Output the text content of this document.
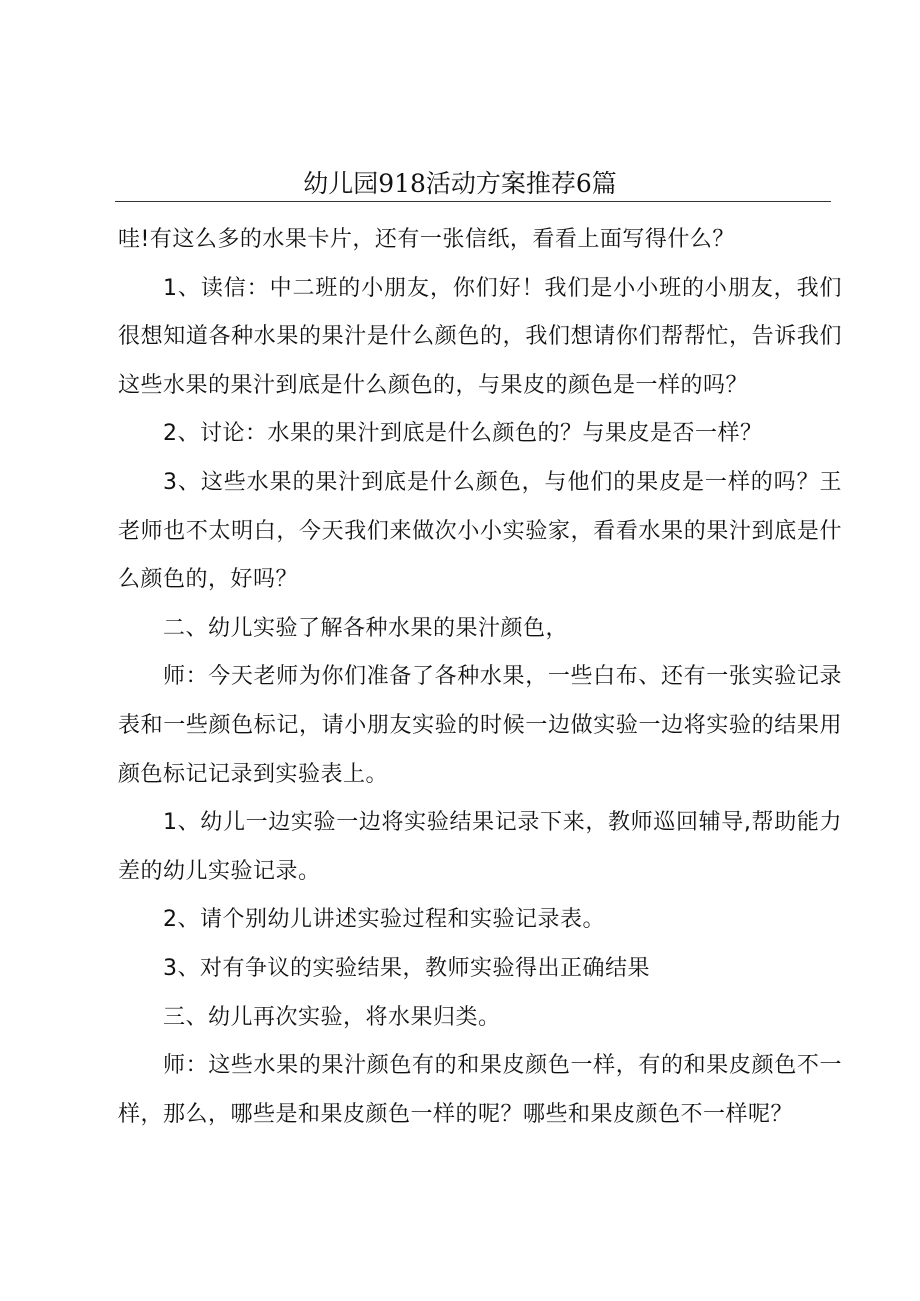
幼儿园918活动方案推荐6篇

哇!有这么多的水果卡片，还有一张信纸，看看上面写得什么？

1、读信：中二班的小朋友，你们好！我们是小小班的小朋友，我们很想知道各种水果的果汁是什么颜色的，我们想请你们帮帮忙，告诉我们这些水果的果汁到底是什么颜色的，与果皮的颜色是一样的吗？

2、讨论：水果的果汁到底是什么颜色的？与果皮是否一样？

3、这些水果的果汁到底是什么颜色，与他们的果皮是一样的吗？王老师也不太明白，今天我们来做次小小实验家，看看水果的果汁到底是什么颜色的，好吗？

二、幼儿实验了解各种水果的果汁颜色，

师：今天老师为你们准备了各种水果，一些白布、还有一张实验记录表和一些颜色标记，请小朋友实验的时候一边做实验一边将实验的结果用颜色标记记录到实验表上。

1、幼儿一边实验一边将实验结果记录下来，教师巡回辅导,帮助能力差的幼儿实验记录。

2、请个别幼儿讲述实验过程和实验记录表。

3、对有争议的实验结果，教师实验得出正确结果

三、幼儿再次实验，将水果归类。

师：这些水果的果汁颜色有的和果皮颜色一样，有的和果皮颜色不一样，那么，哪些是和果皮颜色一样的呢？哪些和果皮颜色不一样呢？
